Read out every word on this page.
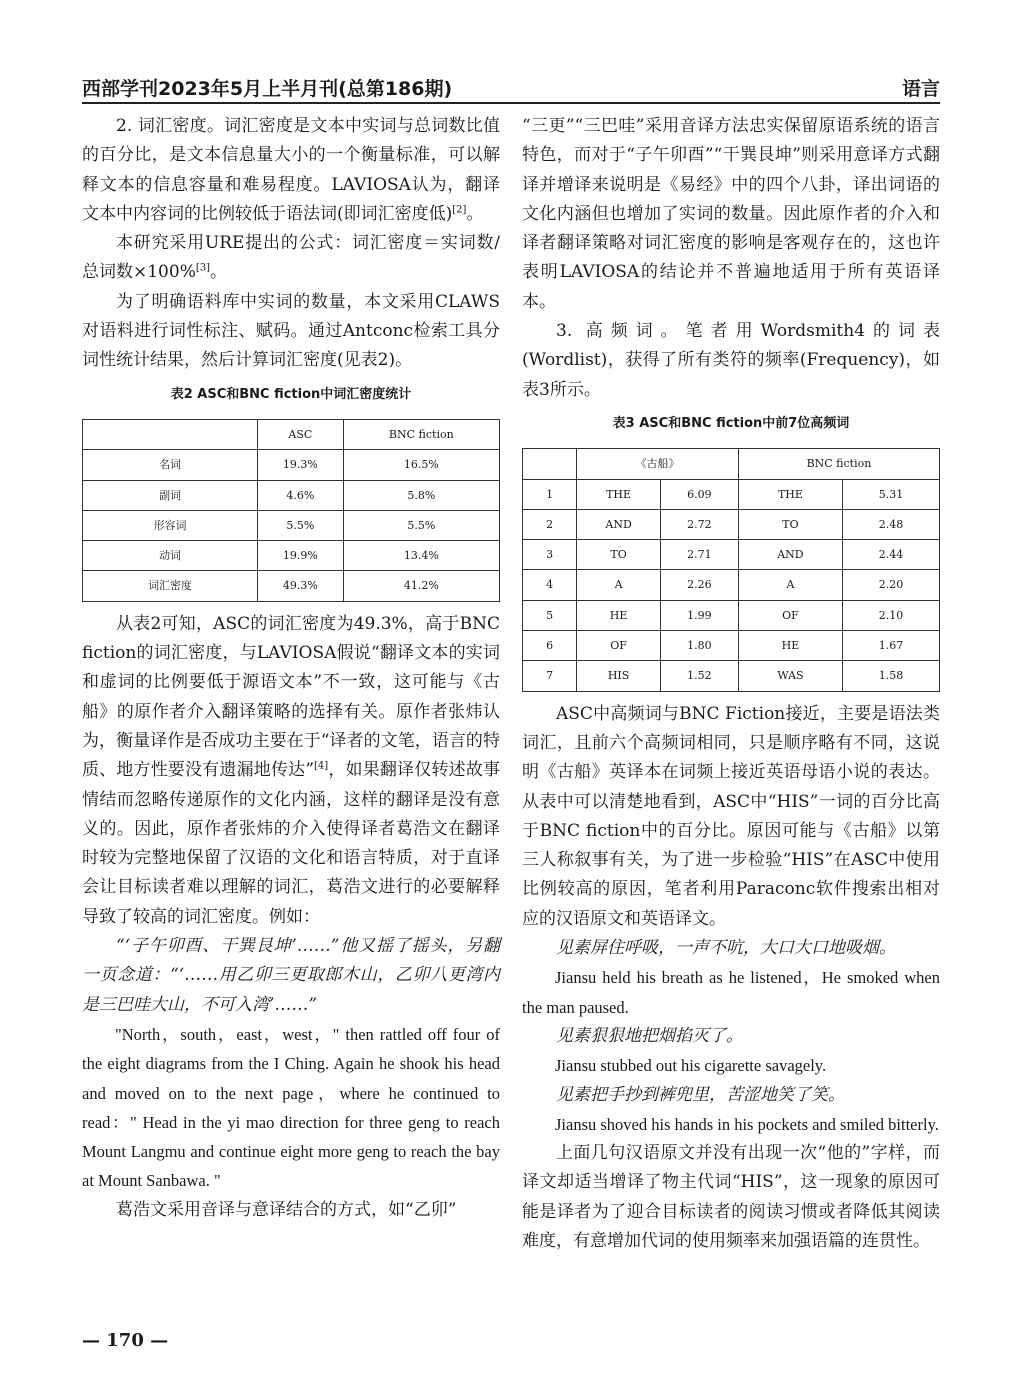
西部学刊2023年5月上半月刊(总第186期)	语言

2. 词汇密度。词汇密度是文本中实词与总词数比值的百分比，是文本信息量大小的一个衡量标准，可以解释文本的信息容量和难易程度。LAVIOSA认为，翻译文本中内容词的比例较低于语法词(即词汇密度低)[2]。

本研究采用URE提出的公式：词汇密度＝实词数/总词数×100%[3]。

为了明确语料库中实词的数量，本文采用CLAWS对语料进行词性标注、赋码。通过Antconc检索工具分词性统计结果，然后计算词汇密度(见表2)。

表2 ASC和BNC fiction中词汇密度统计
	ASC	BNC fiction
名词	19.3%	16.5%
副词	4.6%	5.8%
形容词	5.5%	5.5%
动词	19.9%	13.4%
词汇密度	49.3%	41.2%

从表2可知，ASC的词汇密度为49.3%，高于BNC fiction的词汇密度，与LAVIOSA假说“翻译文本的实词和虚词的比例要低于源语文本”不一致，这可能与《古船》的原作者介入翻译策略的选择有关。原作者张炜认为，衡量译作是否成功主要在于“译者的文笔，语言的特质、地方性要没有遗漏地传达”[4]，如果翻译仅转述故事情结而忽略传递原作的文化内涵，这样的翻译是没有意义的。因此，原作者张炜的介入使得译者葛浩文在翻译时较为完整地保留了汉语的文化和语言特质，对于直译会让目标读者难以理解的词汇，葛浩文进行的必要解释导致了较高的词汇密度。例如：

“‘子午卯酉、干巽艮坤’……”他又摇了摇头，另翻一页念道：“‘……用乙卯三更取郎木山，乙卯八更湾内是三巴哇大山，不可入湾’……”

"North，south，east，west，" then rattled off four of the eight diagrams from the I Ching. Again he shook his head and moved on to the next page，where he continued to read：" Head in the yi mao direction for three geng to reach Mount Langmu and continue eight more geng to reach the bay at Mount Sanbawa. "

葛浩文采用音译与意译结合的方式，如“乙卯”

“三更”“三巴哇”采用音译方法忠实保留原语系统的语言特色，而对于“子午卯酉”“干巽艮坤”则采用意译方式翻译并增译来说明是《易经》中的四个八卦，译出词语的文化内涵但也增加了实词的数量。因此原作者的介入和译者翻译策略对词汇密度的影响是客观存在的，这也许表明LAVIOSA的结论并不普遍地适用于所有英语译本。

3. 高频词。笔者用Wordsmith4的词表(Wordlist)，获得了所有类符的频率(Frequency)，如表3所示。

表3 ASC和BNC fiction中前7位高频词
	《古船》		BNC fiction	
1	THE	6.09	THE	5.31
2	AND	2.72	TO	2.48
3	TO	2.71	AND	2.44
4	A	2.26	A	2.20
5	HE	1.99	OF	2.10
6	OF	1.80	HE	1.67
7	HIS	1.52	WAS	1.58

ASC中高频词与BNC Fiction接近，主要是语法类词汇，且前六个高频词相同，只是顺序略有不同，这说明《古船》英译本在词频上接近英语母语小说的表达。从表中可以清楚地看到，ASC中“HIS”一词的百分比高于BNC fiction中的百分比。原因可能与《古船》以第三人称叙事有关，为了进一步检验“HIS”在ASC中使用比例较高的原因，笔者利用Paraconc软件搜索出相对应的汉语原文和英语译文。

见素屏住呼吸，一声不吭，大口大口地吸烟。

Jiansu held his breath as he listened，He smoked when the man paused.

见素狠狠地把烟掐灭了。

Jiansu stubbed out his cigarette savagely.

见素把手抄到裤兜里，苦涩地笑了笑。

Jiansu shoved his hands in his pockets and smiled bitterly.

上面几句汉语原文并没有出现一次“他的”字样，而译文却适当增译了物主代词“HIS”，这一现象的原因可能是译者为了迎合目标读者的阅读习惯或者降低其阅读难度，有意增加代词的使用频率来加强语篇的连贯性。

— 170 —
